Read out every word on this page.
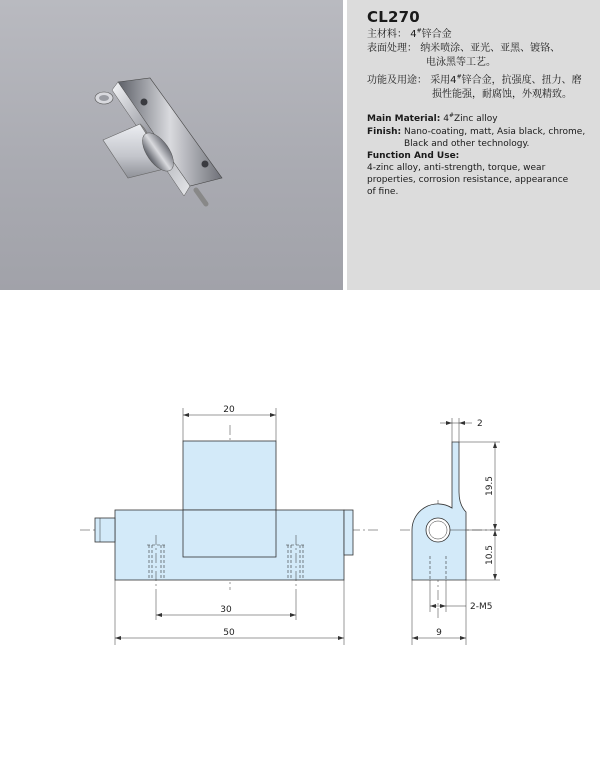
CL270
主材料： 4#锌合金
表面处理： 纳米喷涂、亚光、亚黑、镀铬、
电泳黑等工艺。
功能及用途： 采用4#锌合金，抗强度、扭力、磨
损性能强，耐腐蚀，外观精致。
Main Material: 4#Zinc alloy
Finish: Nano-coating, matt, Asia black, chrome,
Black and other technology.
Function And Use:
4-zinc alloy, anti-strength, torque, wear
properties, corrosion resistance, appearance
of fine.
20
30
50
2
19.5
10.5
2-M5
9
